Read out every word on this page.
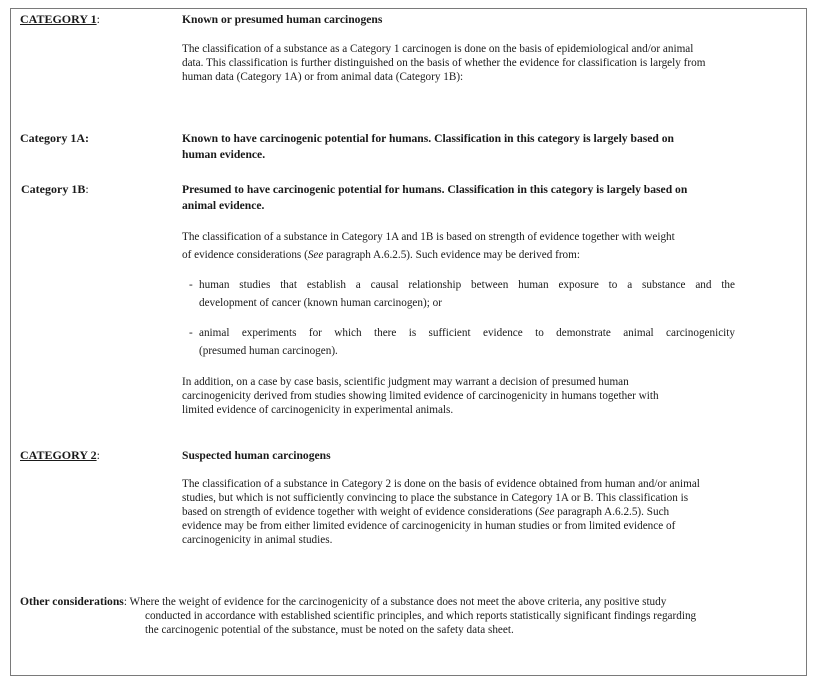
CATEGORY 1:	Known or presumed human carcinogens
The classification of a substance as a Category 1 carcinogen is done on the basis of epidemiological and/or animal
data. This classification is further distinguished on the basis of whether the evidence for classification is largely from
human data (Category 1A) or from animal data (Category 1B):
Category 1A:	Known to have carcinogenic potential for humans. Classification in this category is largely based on
human evidence.
Category 1B:	Presumed to have carcinogenic potential for humans. Classification in this category is largely based on
animal evidence.
The classification of a substance in Category 1A and 1B is based on strength of evidence together with weight
of evidence considerations (See paragraph A.6.2.5). Such evidence may be derived from:
- human studies that establish a causal relationship between human exposure to a substance and the
development of cancer (known human carcinogen); or
- animal experiments for which there is sufficient evidence to demonstrate animal carcinogenicity
(presumed human carcinogen).
In addition, on a case by case basis, scientific judgment may warrant a decision of presumed human
carcinogenicity derived from studies showing limited evidence of carcinogenicity in humans together with
limited evidence of carcinogenicity in experimental animals.
CATEGORY 2:	Suspected human carcinogens
The classification of a substance in Category 2 is done on the basis of evidence obtained from human and/or animal
studies, but which is not sufficiently convincing to place the substance in Category 1A or B. This classification is
based on strength of evidence together with weight of evidence considerations (See paragraph A.6.2.5). Such
evidence may be from either limited evidence of carcinogenicity in human studies or from limited evidence of
carcinogenicity in animal studies.
Other considerations: Where the weight of evidence for the carcinogenicity of a substance does not meet the above criteria, any positive study
conducted in accordance with established scientific principles, and which reports statistically significant findings regarding
the carcinogenic potential of the substance, must be noted on the safety data sheet.
